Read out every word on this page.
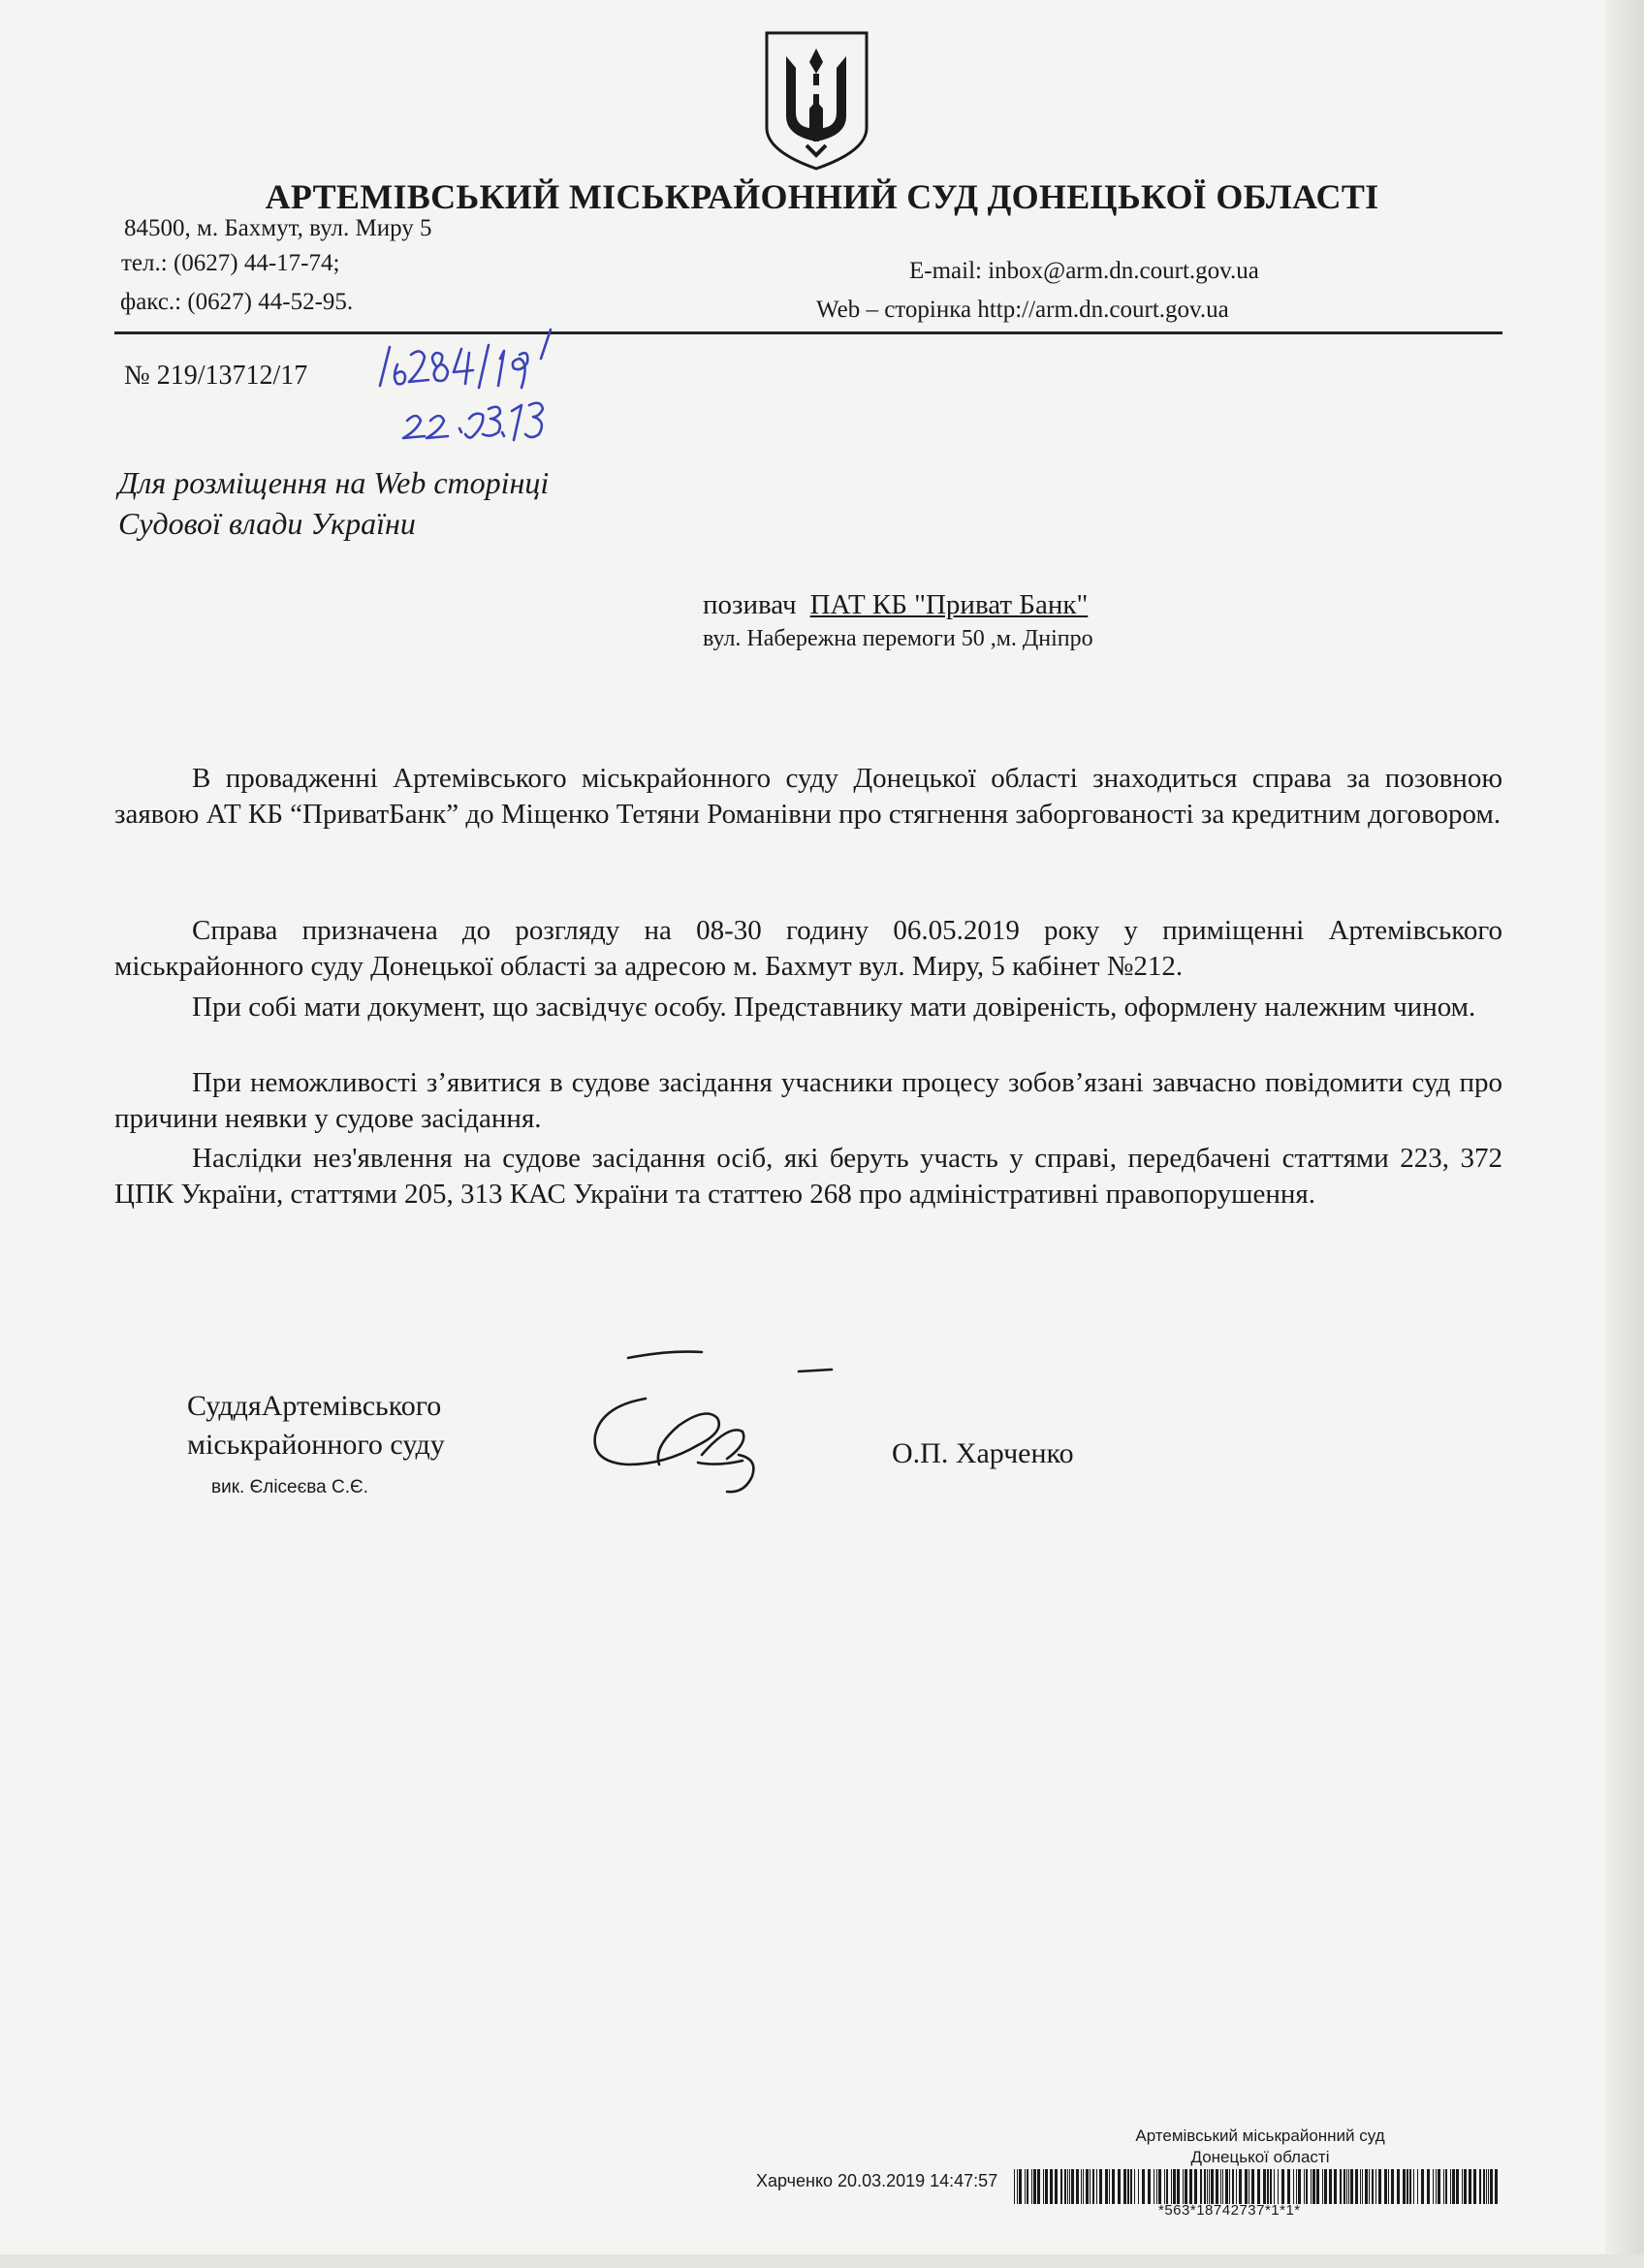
АРТЕМІВСЬКИЙ МІСЬКРАЙОННИЙ СУД ДОНЕЦЬКОЇ ОБЛАСТІ
84500, м. Бахмут, вул. Миру 5
тел.: (0627) 44-17-74;
факс.: (0627) 44-52-95.
E-mail: inbox@arm.dn.court.gov.ua
Web – сторінка http://arm.dn.court.gov.ua
№ 219/13712/17
Для розміщення на Web сторінці
Судової влади України
позивач ПАТ КБ "Приват Банк"
вул. Набережна перемоги 50 ,м. Дніпро
В провадженні Артемівського міськрайонного суду Донецької області знаходиться справа за позовною заявою АТ КБ “ПриватБанк” до Міщенко Тетяни Романівни про стягнення заборгованості за кредитним договором.
Справа призначена до розгляду на 08-30 годину 06.05.2019 року у приміщенні Артемівського міськрайонного суду Донецької області за адресою м. Бахмут вул. Миру, 5 кабінет №212.
При собі мати документ, що засвідчує особу. Представнику мати довіреність, оформлену належним чином.
При неможливості з’явитися в судове засідання учасники процесу зобов’язані завчасно повідомити суд про причини неявки у судове засідання.
Наслідки нез'явлення на судове засідання осіб, які беруть участь у справі, передбачені статтями 223, 372 ЦПК України, статтями 205, 313 КАС України та статтею 268 про адміністративні правопорушення.
СуддяАртемівського
міськрайонного суду
вик. Єлісеєва С.Є.
О.П. Харченко
Артемівський міськрайонний суд
Донецької області
Харченко 20.03.2019 14:47:57
*563*18742737*1*1*
